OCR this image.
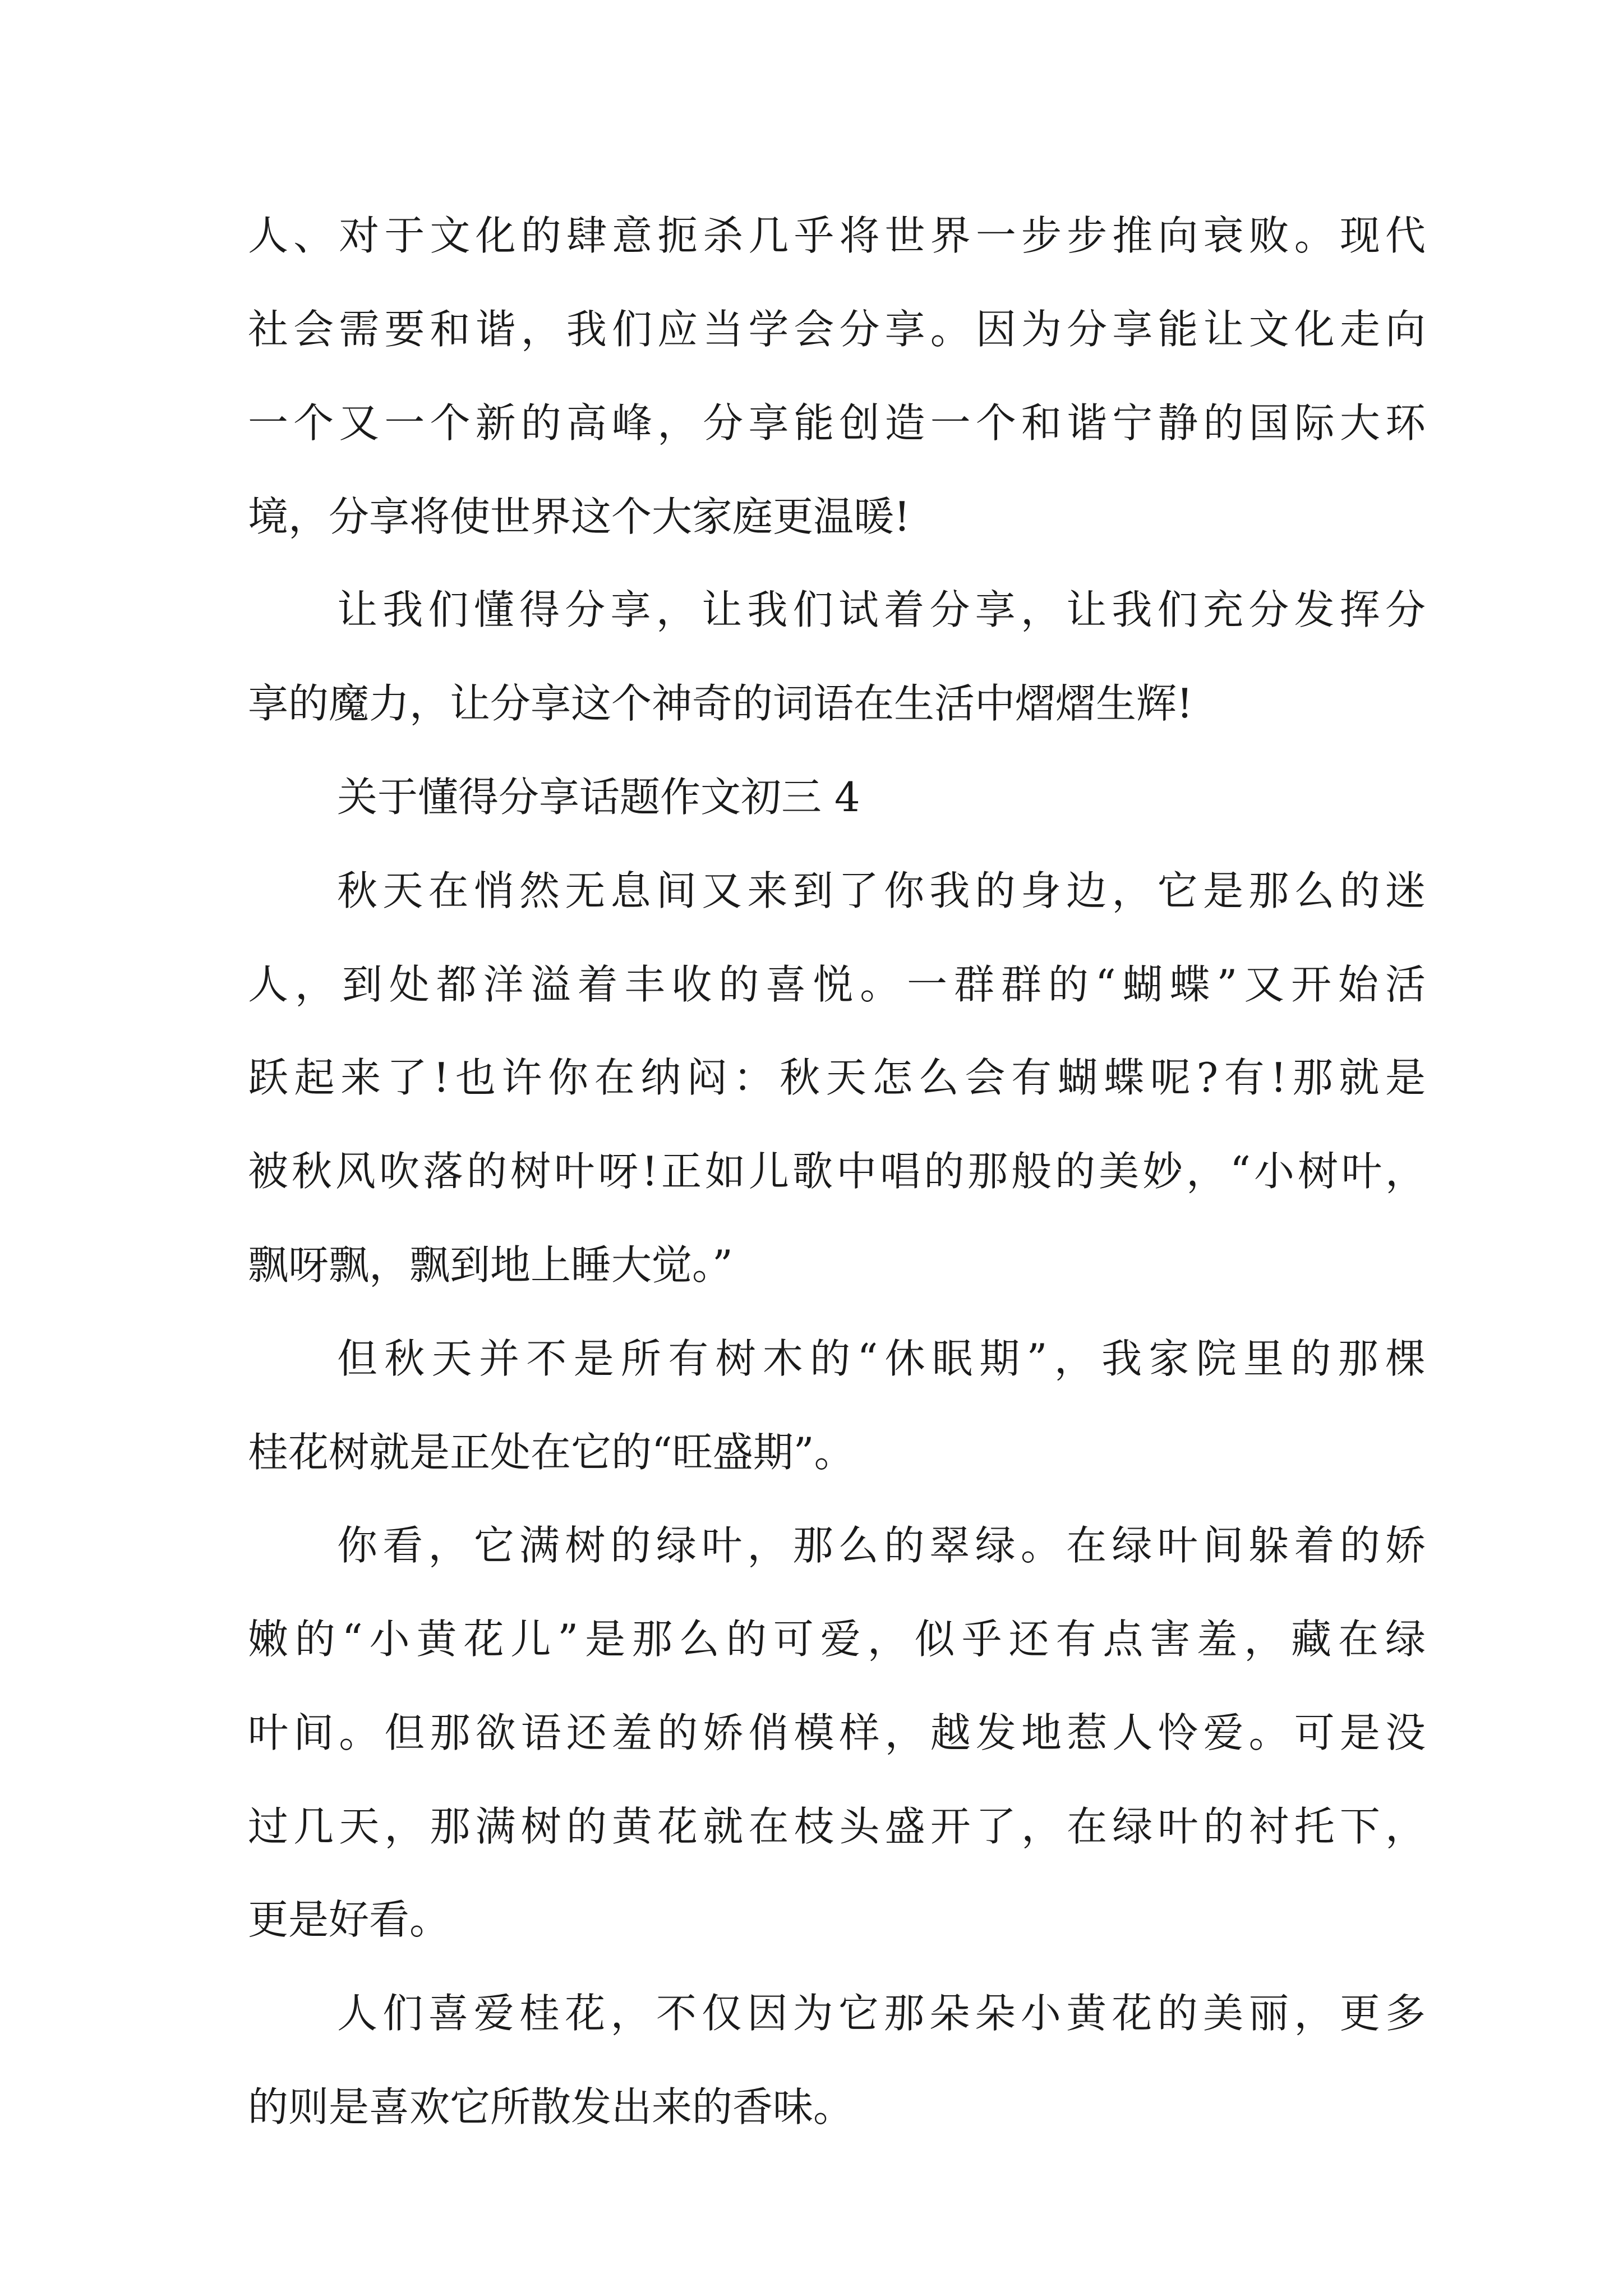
人、对于文化的肆意扼杀几乎将世界一步步推向衰败。现代
社会需要和谐，我们应当学会分享。因为分享能让文化走向
一个又一个新的高峰，分享能创造一个和谐宁静的国际大环
境，分享将使世界这个大家庭更温暖!
让我们懂得分享，让我们试着分享，让我们充分发挥分
享的魔力，让分享这个神奇的词语在生活中熠熠生辉!
关于懂得分享话题作文初三 4
秋天在悄然无息间又来到了你我的身边，它是那么的迷
人，到处都洋溢着丰收的喜悦。一群群的“蝴蝶”又开始活
跃起来了!也许你在纳闷：秋天怎么会有蝴蝶呢?有!那就是
被秋风吹落的树叶呀!正如儿歌中唱的那般的美妙，“小树叶，
飘呀飘，飘到地上睡大觉。”
但秋天并不是所有树木的“休眠期”，我家院里的那棵
桂花树就是正处在它的“旺盛期”。
你看，它满树的绿叶，那么的翠绿。在绿叶间躲着的娇
嫩的“小黄花儿”是那么的可爱，似乎还有点害羞，藏在绿
叶间。但那欲语还羞的娇俏模样，越发地惹人怜爱。可是没
过几天，那满树的黄花就在枝头盛开了，在绿叶的衬托下，
更是好看。
人们喜爱桂花，不仅因为它那朵朵小黄花的美丽，更多
的则是喜欢它所散发出来的香味。
